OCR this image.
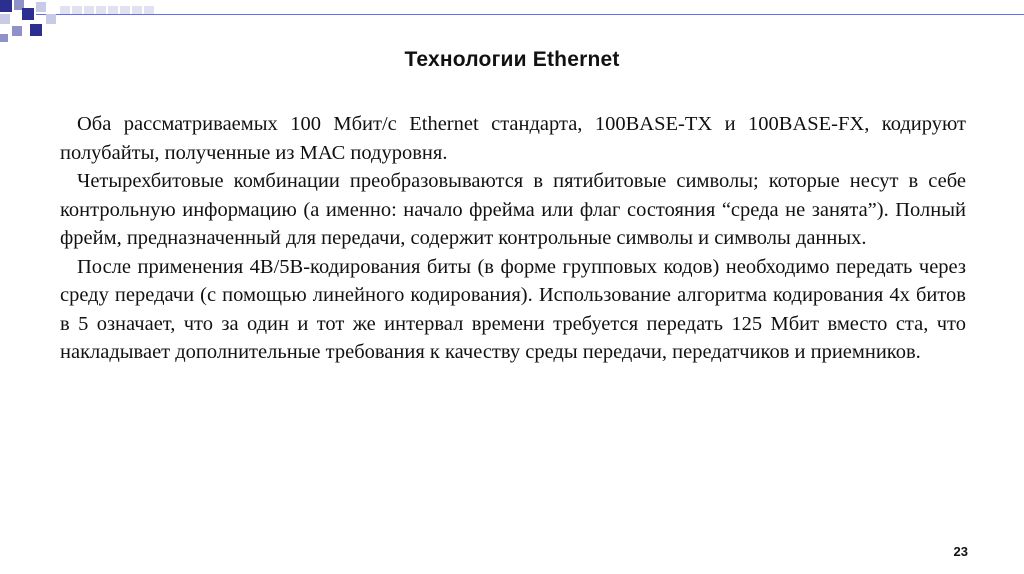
Технологии Ethernet

Оба рассматриваемых 100 Мбит/с Ethernet стандарта, 100BASE-TX и 100BASE-FX, кодируют полубайты, полученные из МАС подуровня.

Четырехбитовые комбинации преобразовываются в пятибитовые символы; которые несут в себе контрольную информацию (а именно: начало фрейма или флаг состояния “среда не занята”). Полный фрейм, предназначенный для передачи, содержит контрольные символы и символы данных.

После применения 4B/5B-кодирования биты (в форме групповых кодов) необходимо передать через среду передачи (с помощью линейного кодирования). Использование алгоритма кодирования 4х битов в 5 означает, что за один и тот же интервал времени требуется передать 125 Мбит вместо ста, что накладывает дополнительные требования к качеству среды передачи, передатчиков и приемников.

23
